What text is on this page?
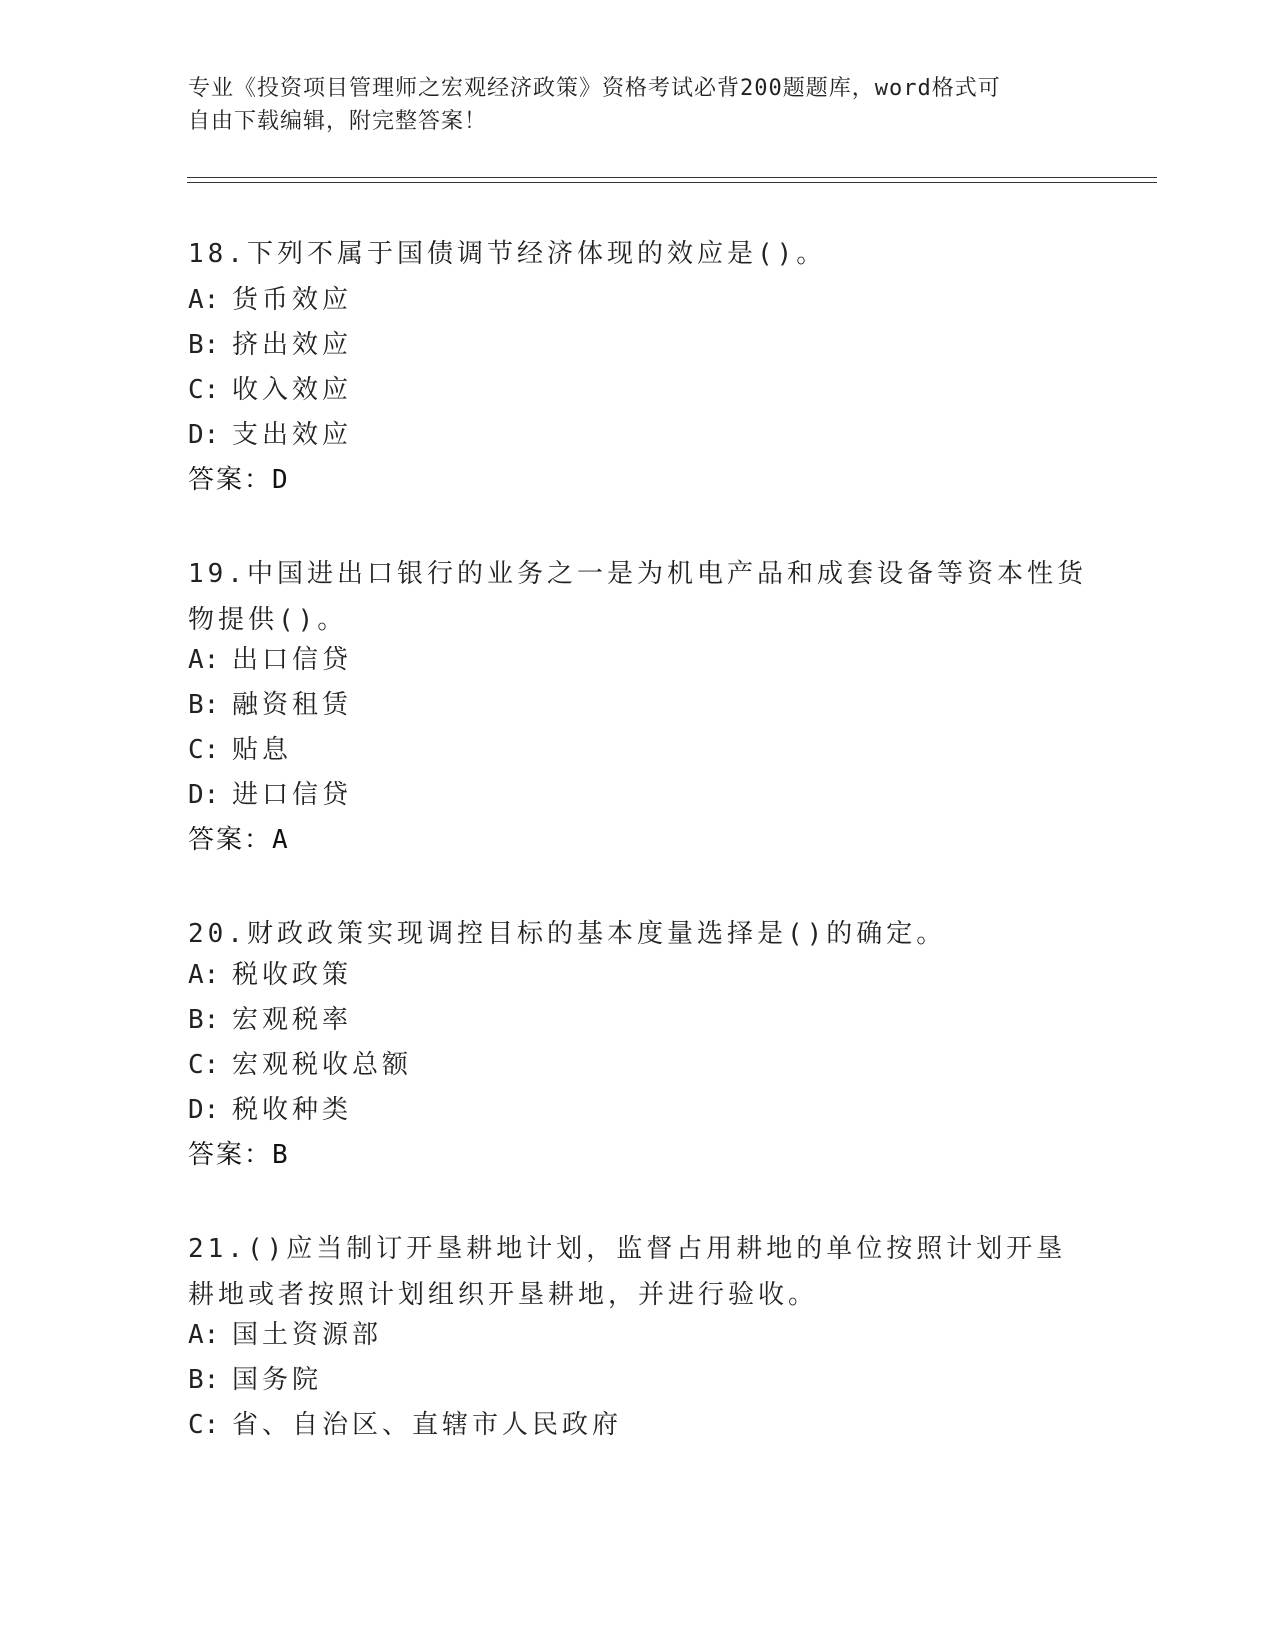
专业《投资项目管理师之宏观经济政策》资格考试必背200题题库，word格式可
自由下载编辑，附完整答案！
18.下列不属于国债调节经济体现的效应是()。
A: 货币效应
B: 挤出效应
C: 收入效应
D: 支出效应
答案：D
19.中国进出口银行的业务之一是为机电产品和成套设备等资本性货物提供()。
A: 出口信贷
B: 融资租赁
C: 贴息
D: 进口信贷
答案：A
20.财政政策实现调控目标的基本度量选择是()的确定。
A: 税收政策
B: 宏观税率
C: 宏观税收总额
D: 税收种类
答案：B
21.()应当制订开垦耕地计划，监督占用耕地的单位按照计划开垦耕地或者按照计划组织开垦耕地，并进行验收。
A: 国土资源部
B: 国务院
C: 省、自治区、直辖市人民政府
